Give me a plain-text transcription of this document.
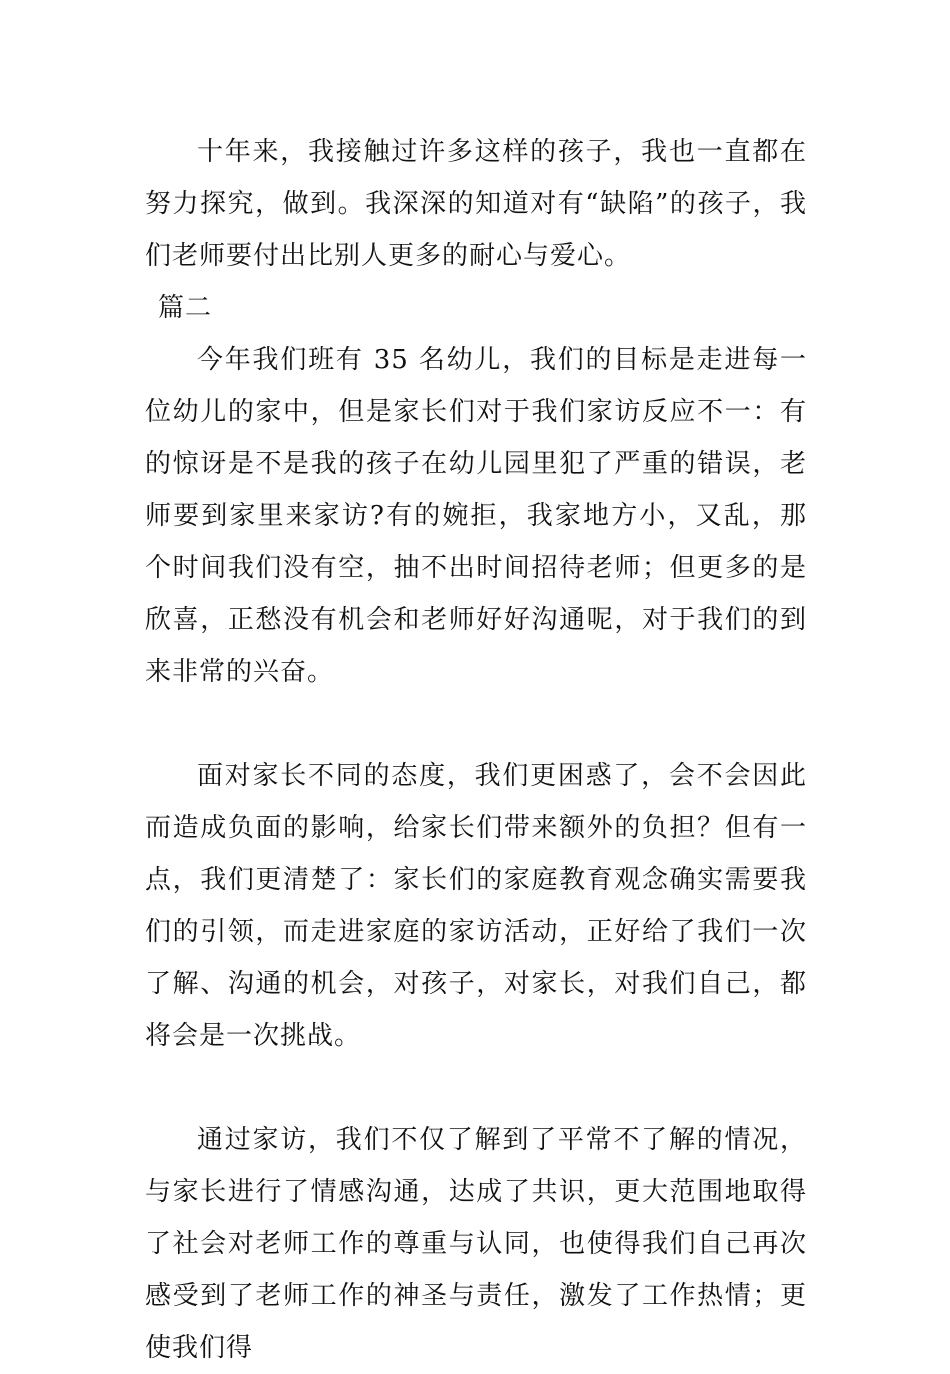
十年来，我接触过许多这样的孩子，我也一直都在努力探究，做到。我深深的知道对有“缺陷”的孩子，我们老师要付出比别人更多的耐心与爱心。

篇二

今年我们班有 35 名幼儿，我们的目标是走进每一位幼儿的家中，但是家长们对于我们家访反应不一：有的惊讶是不是我的孩子在幼儿园里犯了严重的错误，老师要到家里来家访?有的婉拒，我家地方小，又乱，那个时间我们没有空，抽不出时间招待老师；但更多的是欣喜，正愁没有机会和老师好好沟通呢，对于我们的到来非常的兴奋。

面对家长不同的态度，我们更困惑了，会不会因此而造成负面的影响，给家长们带来额外的负担？但有一点，我们更清楚了：家长们的家庭教育观念确实需要我们的引领，而走进家庭的家访活动，正好给了我们一次了解、沟通的机会，对孩子，对家长，对我们自己，都将会是一次挑战。

通过家访，我们不仅了解到了平常不了解的情况，与家长进行了情感沟通，达成了共识，更大范围地取得了社会对老师工作的尊重与认同，也使得我们自己再次感受到了老师工作的神圣与责任，激发了工作热情；更使我们得
